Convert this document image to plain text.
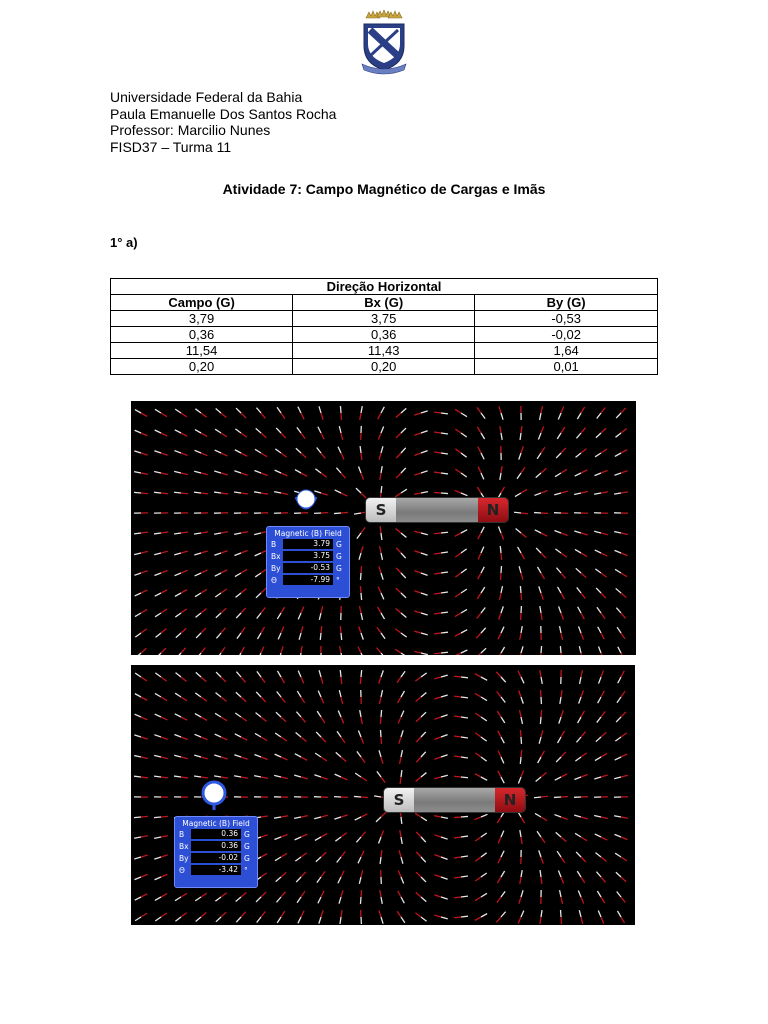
Universidade Federal da Bahia
Paula Emanuelle Dos Santos Rocha
Professor: Marcilio Nunes
FISD37 – Turma 11
Atividade 7: Campo Magnético de Cargas e Imãs
1° a)
Direção Horizontal		
Campo (G)	Bx (G)	By (G)
3,79	3,75	-0,53
0,36	0,36	-0,02
11,54	11,43	1,64
0,20	0,20	0,01
S	N
Magnetic (B) Field
B	3.79 G
Bx	3.75 G
By	-0.53 G
Θ	-7.99 °
S	N
Magnetic (B) Field
B	0.36 G
Bx	0.36 G
By	-0.02 G
Θ	-3.42 °
